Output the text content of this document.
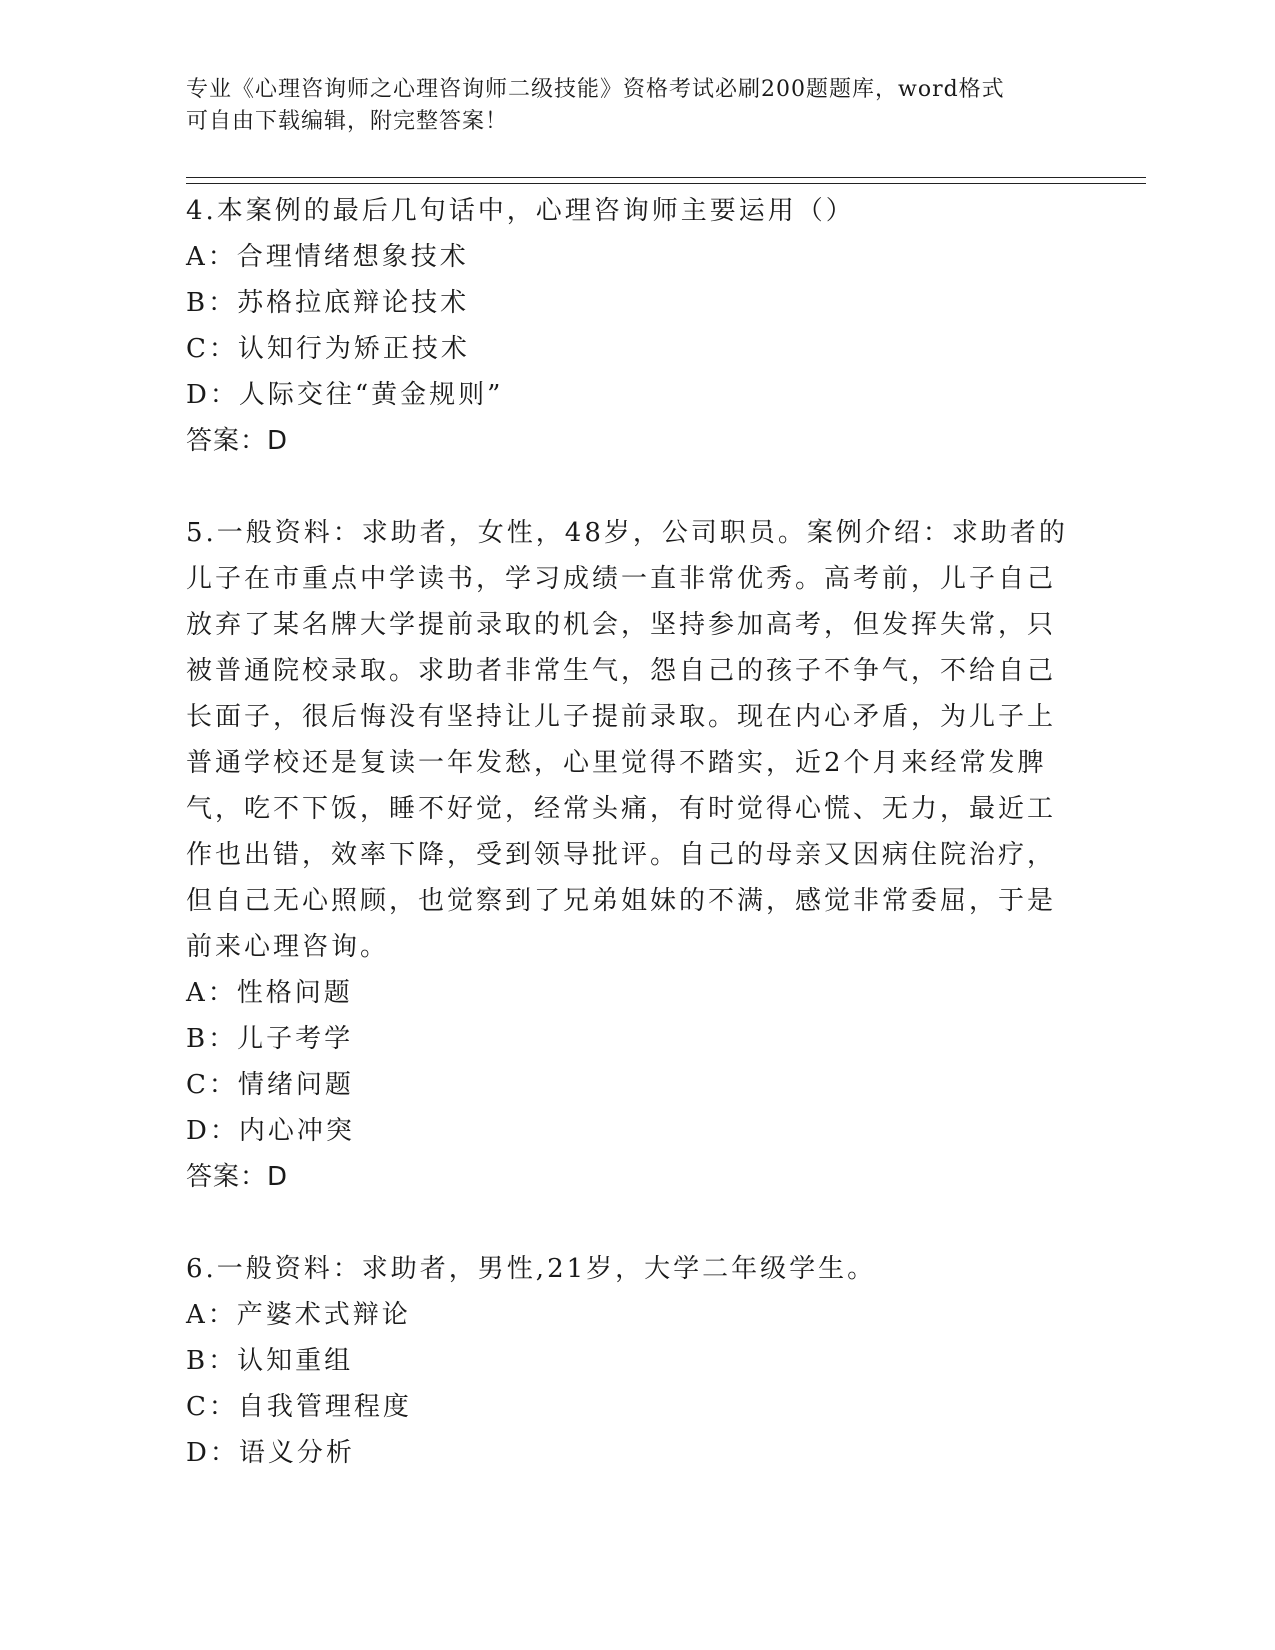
专业《心理咨询师之心理咨询师二级技能》资格考试必刷200题题库，word格式
可自由下载编辑，附完整答案！
4.本案例的最后几句话中，心理咨询师主要运用（）
A：合理情绪想象技术
B：苏格拉底辩论技术
C：认知行为矫正技术
D：人际交往“黄金规则”
答案：D
5.一般资料：求助者，女性，48岁，公司职员。案例介绍：求助者的
儿子在市重点中学读书，学习成绩一直非常优秀。高考前，儿子自己
放弃了某名牌大学提前录取的机会，坚持参加高考，但发挥失常，只
被普通院校录取。求助者非常生气，怨自己的孩子不争气，不给自己
长面子，很后悔没有坚持让儿子提前录取。现在内心矛盾，为儿子上
普通学校还是复读一年发愁，心里觉得不踏实，近2个月来经常发脾
气，吃不下饭，睡不好觉，经常头痛，有时觉得心慌、无力，最近工
作也出错，效率下降，受到领导批评。自己的母亲又因病住院治疗，
但自己无心照顾，也觉察到了兄弟姐妹的不满，感觉非常委屈，于是
前来心理咨询。
A：性格问题
B：儿子考学
C：情绪问题
D：内心冲突
答案：D
6.一般资料：求助者，男性,21岁，大学二年级学生。
A：产婆术式辩论
B：认知重组
C：自我管理程度
D：语义分析
